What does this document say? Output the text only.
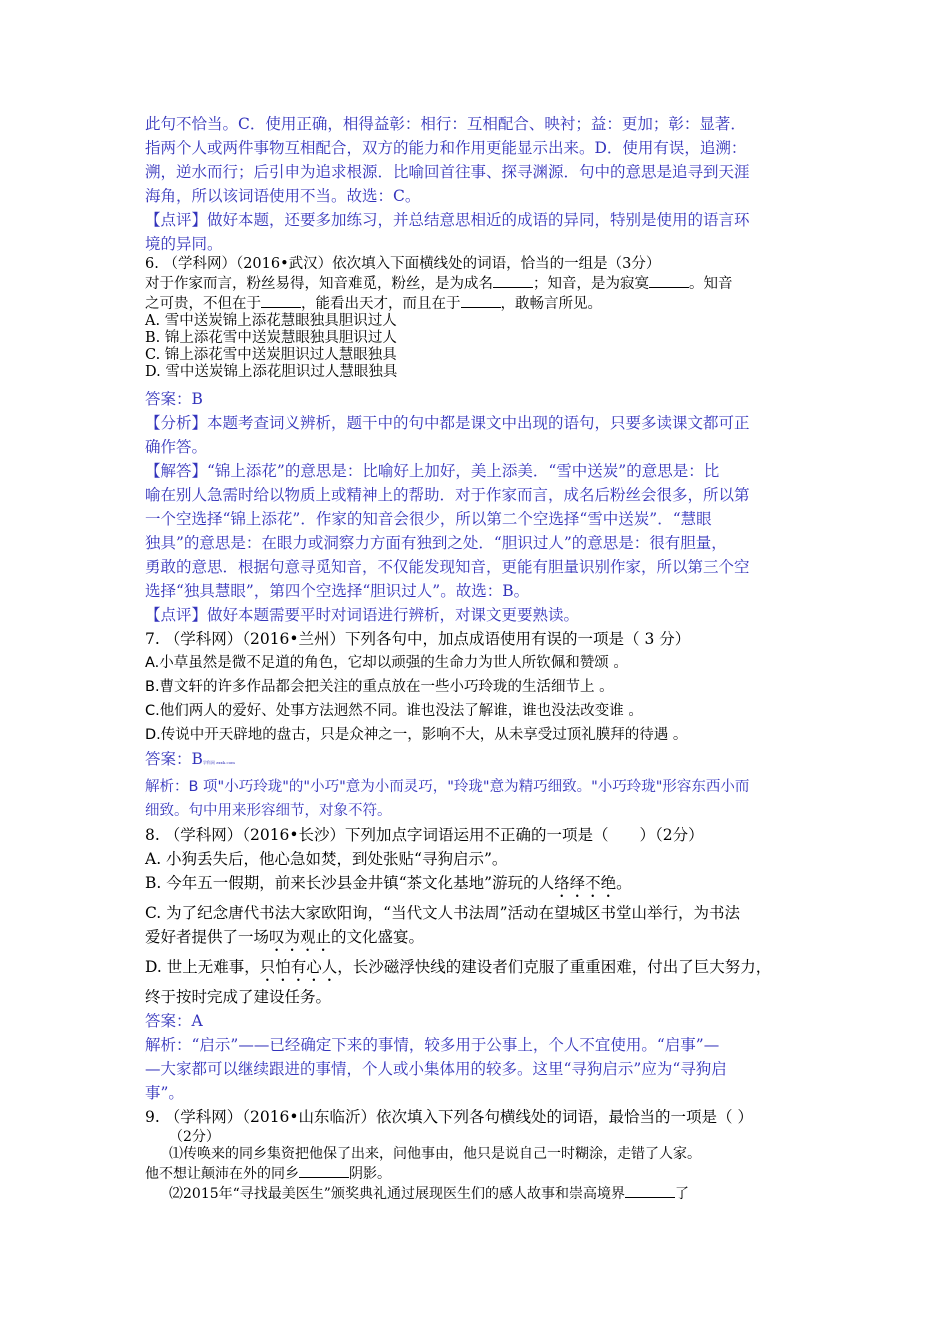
此句不恰当。C．使用正确，相得益彰：相行：互相配合、映衬；益：更加；彰：显著．
指两个人或两件事物互相配合，双方的能力和作用更能显示出来。D．使用有误，追溯：
溯，逆水而行；后引申为追求根源．比喻回首往事、探寻渊源．句中的意思是追寻到天涯
海角，所以该词语使用不当。故选：C。
【点评】做好本题，还要多加练习，并总结意思相近的成语的异同，特别是使用的语言环
境的异同。
6. （学科网）（2016•武汉）依次填入下面横线处的词语，恰当的一组是（3分）
对于作家而言，粉丝易得，知音难觅，粉丝，是为成名	；知音，是为寂寞	。知音
之可贵，不但在于	，能看出天才，而且在于	，敢畅言所见。
A. 雪中送炭锦上添花慧眼独具胆识过人
B. 锦上添花雪中送炭慧眼独具胆识过人
C. 锦上添花雪中送炭胆识过人慧眼独具
D. 雪中送炭锦上添花胆识过人慧眼独具
答案：B
【分析】本题考查词义辨析，题干中的句中都是课文中出现的语句，只要多读课文都可正
确作答。
【解答】“锦上添花”的意思是：比喻好上加好，美上添美．“雪中送炭”的意思是：比
喻在别人急需时给以物质上或精神上的帮助．对于作家而言，成名后粉丝会很多，所以第
一个空选择“锦上添花”．作家的知音会很少，所以第二个空选择“雪中送炭”．“慧眼
独具”的意思是：在眼力或洞察力方面有独到之处．“胆识过人”的意思是：很有胆量，
勇敢的意思．根据句意寻觅知音，不仅能发现知音，更能有胆量识别作家，所以第三个空
选择“独具慧眼”，第四个空选择“胆识过人”。故选：B。
【点评】做好本题需要平时对词语进行辨析，对课文更要熟读。
7. （学科网）（2016•兰州）下列各句中，加点成语使用有误的一项是（ 3 分）
A.小草虽然是微不足道的角色，它却以顽强的生命力为世人所钦佩和赞颂 。
B.曹文轩的许多作品都会把关注的重点放在一些小巧玲珑的生活细节上 。
C.他们两人的爱好、处事方法迥然不同。谁也没法了解谁，谁也没法改变谁 。
D.传说中开天辟地的盘古，只是众神之一，影响不大，从未享受过顶礼膜拜的待遇 。
答案：B学科网 zxxk.com
解析：B 项"小巧玲珑"的"小巧"意为小而灵巧，"玲珑"意为精巧细致。"小巧玲珑"形容东西小而
细致。句中用来形容细节，对象不符。
8. （学科网）（2016•长沙）下列加点字词语运用不正确的一项是（　　）（2分）
A. 小狗丢失后，他心急如焚，到处张贴“寻狗启示”。
B. 今年五一假期，前来长沙县金井镇“茶文化基地”游玩的人络绎不绝。
C. 为了纪念唐代书法大家欧阳询，“当代文人书法周”活动在望城区书堂山举行，为书法
爱好者提供了一场叹为观止的文化盛宴。
D. 世上无难事，只怕有心人，长沙磁浮快线的建设者们克服了重重困难，付出了巨大努力，
终于按时完成了建设任务。
答案：A
解析：“启示”——已经确定下来的事情，较多用于公事上，个人不宜使用。“启事”—
—大家都可以继续跟进的事情，个人或小集体用的较多。这里“寻狗启示”应为“寻狗启
事”。
9. （学科网）（2016•山东临沂）依次填入下列各句横线处的词语，最恰当的一项是（ ）
（2分）
⑴传唤来的同乡集资把他保了出来，问他事由，他只是说自己一时糊涂，走错了人家。
他不想让颠沛在外的同乡	阴影。
⑵2015年“寻找最美医生”颁奖典礼通过展现医生们的感人故事和崇高境界	了
